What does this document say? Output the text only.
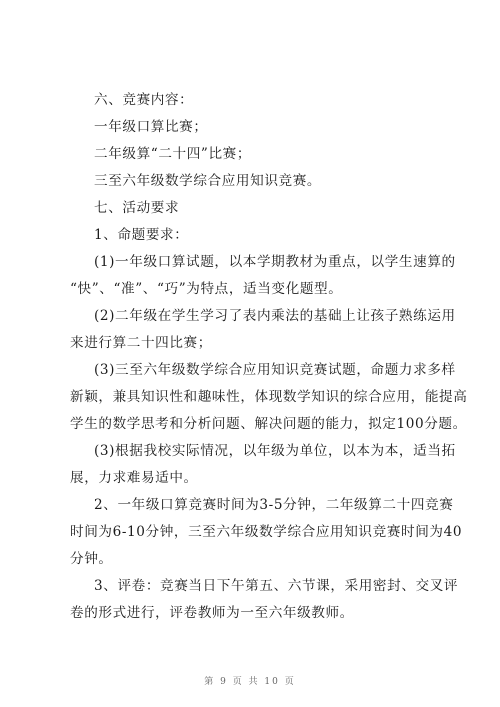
六、竞赛内容：
一年级口算比赛；
二年级算“二十四”比赛；
三至六年级数学综合应用知识竞赛。
七、活动要求
1、命题要求：
(1)一年级口算试题，以本学期教材为重点，以学生速算的
“快”、“准”、“巧”为特点，适当变化题型。
(2)二年级在学生学习了表内乘法的基础上让孩子熟练运用
来进行算二十四比赛；
(3)三至六年级数学综合应用知识竞赛试题，命题力求多样
新颖，兼具知识性和趣味性，体现数学知识的综合应用，能提高
学生的数学思考和分析问题、解决问题的能力，拟定100分题。
(3)根据我校实际情况，以年级为单位，以本为本，适当拓
展，力求难易适中。
2、一年级口算竞赛时间为3-5分钟，二年级算二十四竞赛
时间为6-10分钟，三至六年级数学综合应用知识竞赛时间为40
分钟。
3、评卷：竞赛当日下午第五、六节课，采用密封、交叉评
卷的形式进行，评卷教师为一至六年级教师。
第 9 页 共 10 页
